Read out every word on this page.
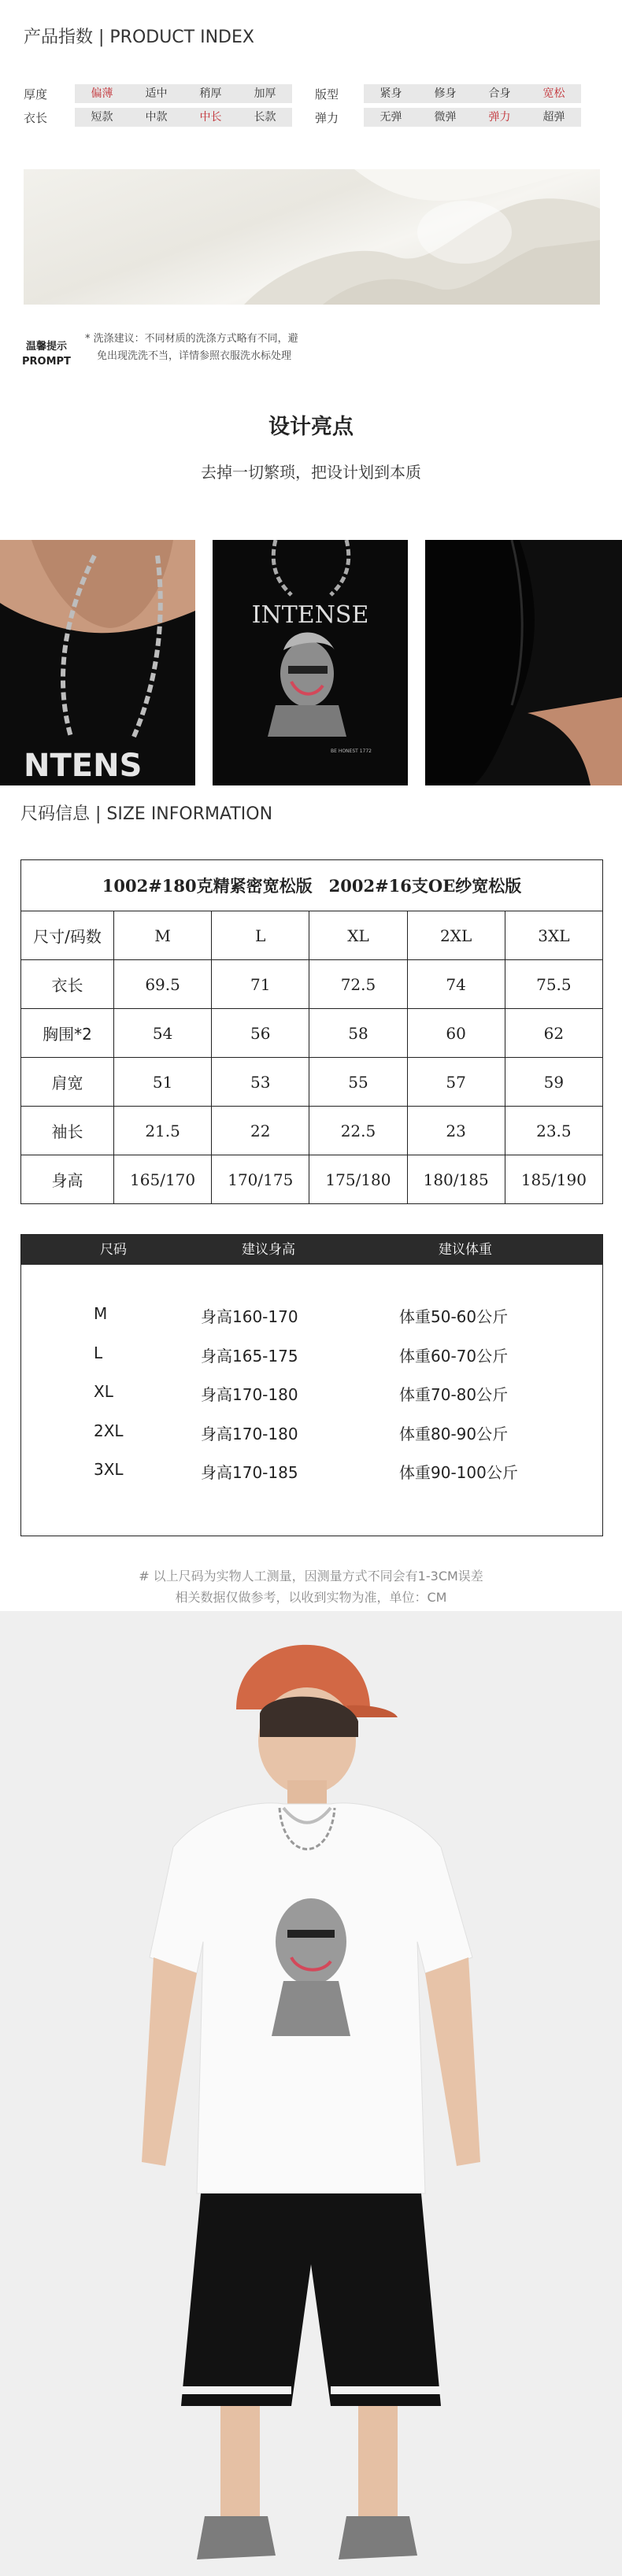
产品指数 | PRODUCT INDEX
厚度	偏薄	适中	稍厚	加厚
衣长	短款	中款	中长	长款
版型	紧身	修身	合身	宽松
弹力	无弹	微弹	弹力	超弹
温馨提示
PROMPT
* 洗涤建议：不同材质的洗涤方式略有不同，避
免出现洗洗不当，详情参照衣服洗水标处理
设计亮点
去掉一切繁琐，把设计划到本质
NTENS
INTENSE
BE HONEST 1772
尺码信息 | SIZE INFORMATION
1002#180克精紧密宽松版　2002#16支OE纱宽松版					
尺寸/码数	M	L	XL	2XL	3XL
衣长	69.5	71	72.5	74	75.5
胸围*2	54	56	58	60	62
肩宽	51	53	55	57	59
袖长	21.5	22	22.5	23	23.5
身高	165/170	170/175	175/180	180/185	185/190
尺码	建议身高	建议体重
M	身高160-170	体重50-60公斤
L	身高165-175	体重60-70公斤
XL	身高170-180	体重70-80公斤
2XL	身高170-180	体重80-90公斤
3XL	身高170-185	体重90-100公斤
# 以上尺码为实物人工测量，因测量方式不同会有1-3CM误差
相关数据仅做参考，以收到实物为准，单位：CM
